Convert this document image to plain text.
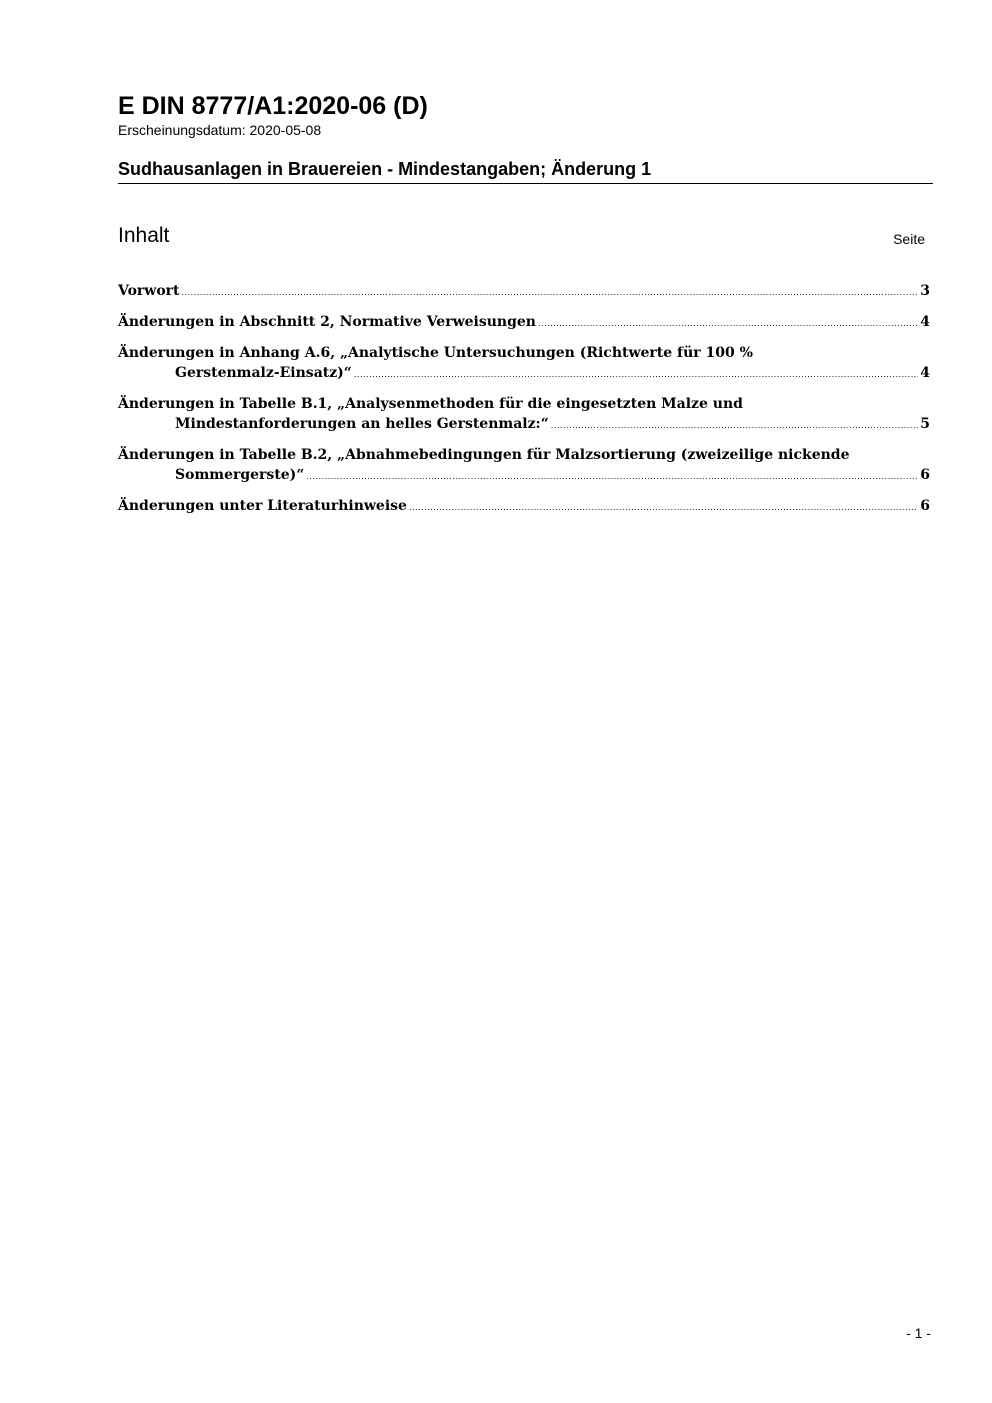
E DIN 8777/A1:2020-06 (D)
Erscheinungsdatum: 2020-05-08
Sudhausanlagen in Brauereien - Mindestangaben; Änderung 1
Inhalt	Seite
Vorwort .....	3
Änderungen in Abschnitt 2, Normative Verweisungen .....	4
Änderungen in Anhang A.6, „Analytische Untersuchungen (Richtwerte für 100 %
Gerstenmalz-Einsatz)“ .....	4
Änderungen in Tabelle B.1, „Analysenmethoden für die eingesetzten Malze und
Mindestanforderungen an helles Gerstenmalz:“ .....	5
Änderungen in Tabelle B.2, „Abnahmebedingungen für Malzsortierung (zweizeilige nickende
Sommergerste)“ .....	6
Änderungen unter Literaturhinweise .....	6
- 1 -
